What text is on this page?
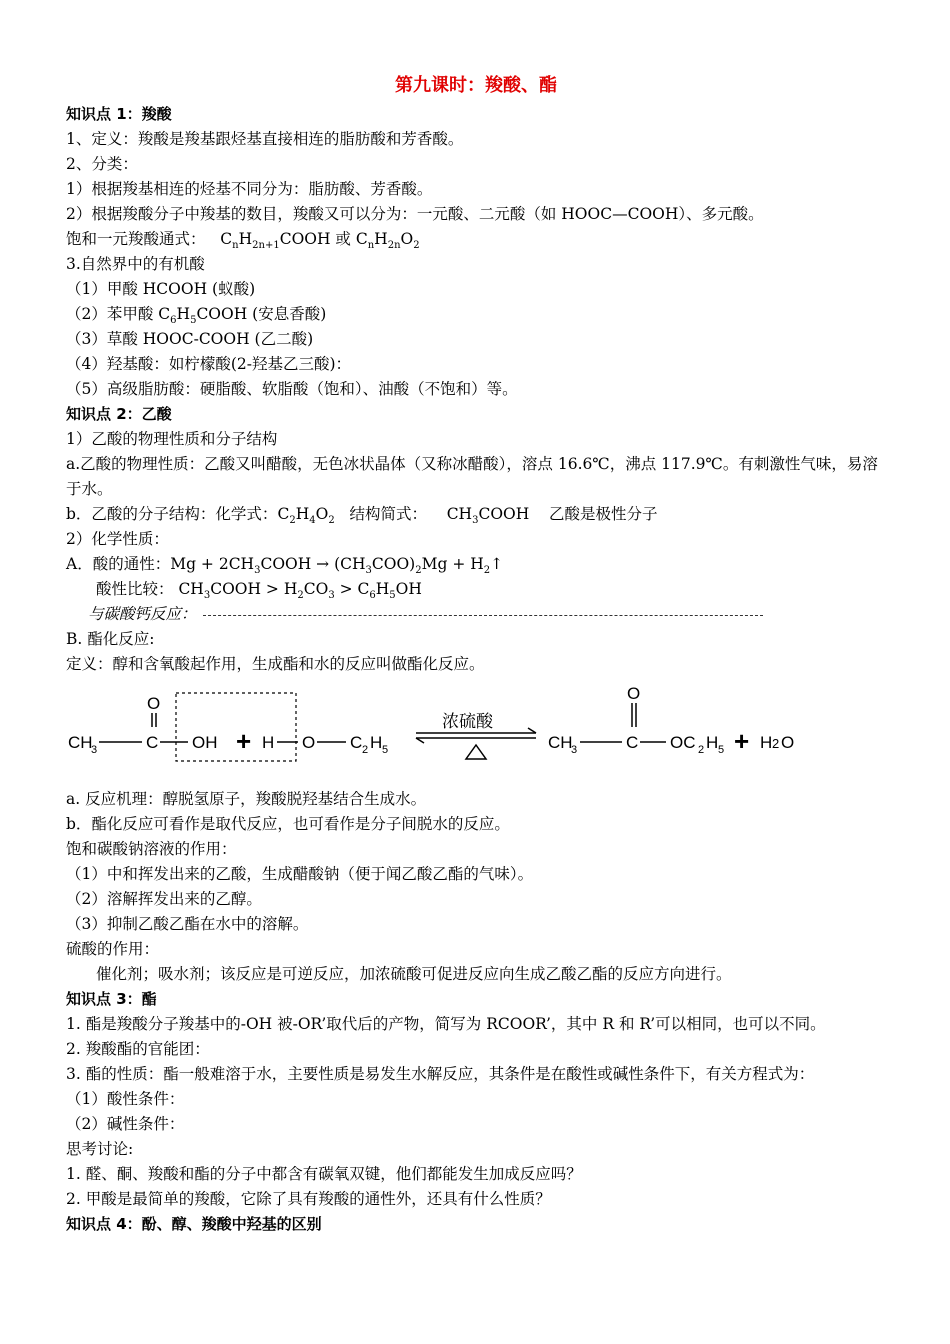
第九课时：羧酸、酯
知识点 1：羧酸
1、定义：羧酸是羧基跟烃基直接相连的脂肪酸和芳香酸。
2、分类：
1）根据羧基相连的烃基不同分为：脂肪酸、芳香酸。
2）根据羧酸分子中羧基的数目，羧酸又可以分为：一元酸、二元酸（如 HOOC—COOH）、多元酸。
饱和一元羧酸通式：   $C_nH_{2n+1}COOH$ 或 $C_nH_{2n}O_2$
3.自然界中的有机酸
（1）甲酸 HCOOH (蚁酸)
（2）苯甲酸 $C_6H_5COOH$ (安息香酸)
（3）草酸 HOOC-COOH (乙二酸)
（4）羟基酸：如柠檬酸(2-羟基乙三酸)：
（5）高级脂肪酸：硬脂酸、软脂酸（饱和）、油酸（不饱和）等。
知识点 2：乙酸
1）乙酸的物理性质和分子结构
a.乙酸的物理性质：乙酸又叫醋酸，无色冰状晶体（又称冰醋酸），溶点 16.6℃，沸点 117.9℃。有刺激性气味，易溶于水。
b．乙酸的分子结构：化学式：$C_2H_4O_2$ 结构简式：    $CH_3COOH$    乙酸是极性分子
2）化学性质：
A．酸的通性：$Mg + 2CH_3COOH \to (CH_3COO)_2Mg$ + $H_2↑$
酸性比较： $CH_3COOH > H_2CO_3 > C_6H_5OH$
与碳酸钙反应：
B. 酯化反应:
定义：醇和含氧酸起作用，生成酯和水的反应叫做酯化反应。
CH
3	C
O
OH + H O C 2 H 5
浓硫酸
CH
3	C
O
OC 2 H 5 + H 2 O
a. 反应机理：醇脱氢原子，羧酸脱羟基结合生成水。
b．酯化反应可看作是取代反应，也可看作是分子间脱水的反应。
饱和碳酸钠溶液的作用：
（1）中和挥发出来的乙酸，生成醋酸钠（便于闻乙酸乙酯的气味）。
（2）溶解挥发出来的乙醇。
（3）抑制乙酸乙酯在水中的溶解。
硫酸的作用：
催化剂；吸水剂；该反应是可逆反应，加浓硫酸可促进反应向生成乙酸乙酯的反应方向进行。
知识点 3：酯
1. 酯是羧酸分子羧基中的-OH 被-OR’取代后的产物，简写为 RCOOR’，其中 R 和 R’可以相同，也可以不同。
2. 羧酸酯的官能团：
3. 酯的性质：酯一般难溶于水，主要性质是易发生水解反应，其条件是在酸性或碱性条件下，有关方程式为：
（1）酸性条件：
（2）碱性条件：
思考讨论:
1. 醛、酮、羧酸和酯的分子中都含有碳氧双键，他们都能发生加成反应吗？
2. 甲酸是最简单的羧酸，它除了具有羧酸的通性外，还具有什么性质？
知识点 4：酚、醇、羧酸中羟基的区别
